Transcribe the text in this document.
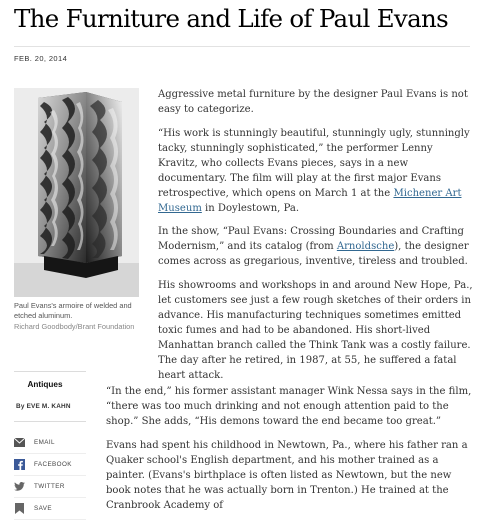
The Furniture and Life of Paul Evans
FEB. 20, 2014

Paul Evans's armoire of welded and etched aluminum.
Richard Goodbody/Brant Foundation

Antiques
By EVE M. KAHN
EMAIL
FACEBOOK
TWITTER
SAVE

Aggressive metal furniture by the designer Paul Evans is not easy to categorize.

“His work is stunningly beautiful, stunningly ugly, stunningly tacky, stunningly sophisticated,” the performer Lenny Kravitz, who collects Evans pieces, says in a new documentary. The film will play at the first major Evans retrospective, which opens on March 1 at the Michener Art Museum in Doylestown, Pa.

In the show, “Paul Evans: Crossing Boundaries and Crafting Modernism,” and its catalog (from Arnoldsche), the designer comes across as gregarious, inventive, tireless and troubled.

His showrooms and workshops in and around New Hope, Pa., let customers see just a few rough sketches of their orders in advance. His manufacturing techniques sometimes emitted toxic fumes and had to be abandoned. His short-lived Manhattan branch called the Think Tank was a costly failure. The day after he retired, in 1987, at 55, he suffered a fatal heart attack.

“In the end,” his former assistant manager Wink Nessa says in the film, “there was too much drinking and not enough attention paid to the shop.” She adds, “His demons toward the end became too great.”

Evans had spent his childhood in Newtown, Pa., where his father ran a Quaker school's English department, and his mother trained as a painter. (Evans's birthplace is often listed as Newtown, but the new book notes that he was actually born in Trenton.) He trained at the Cranbrook Academy of
